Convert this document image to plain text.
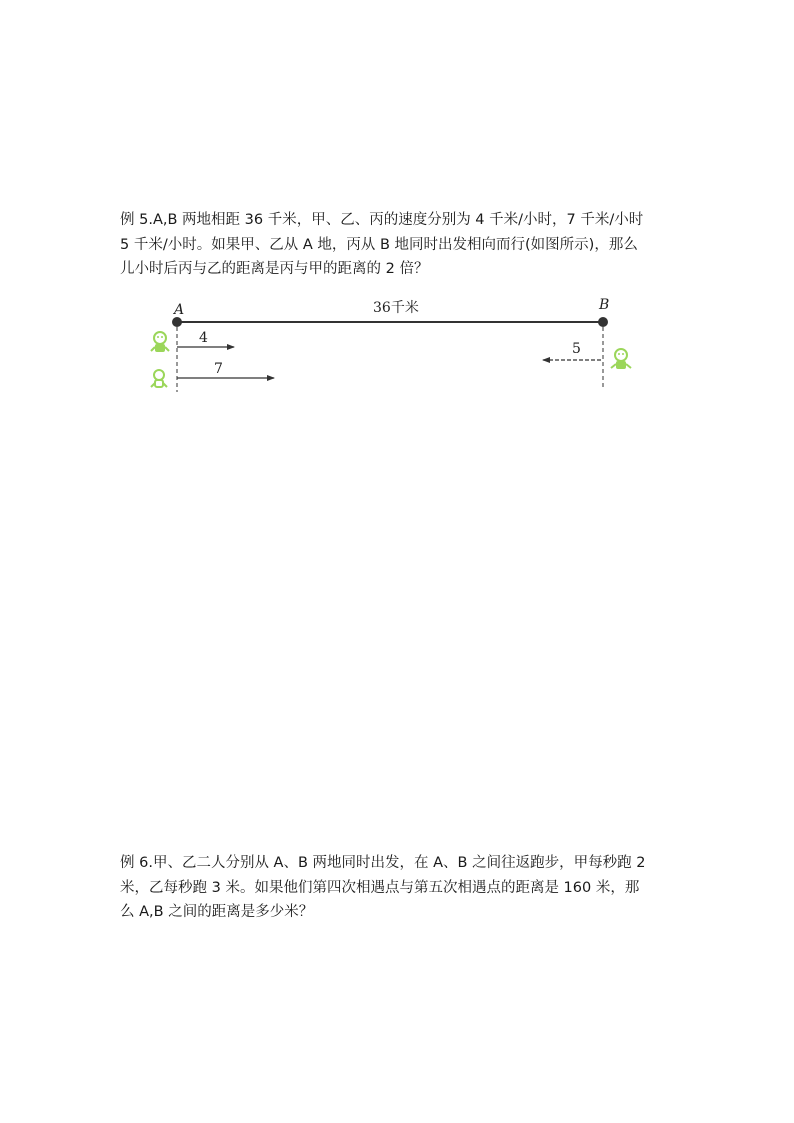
例 5.A,B 两地相距 36 千米，甲、乙、丙的速度分别为 4 千米/小时，7 千米/小时
5 千米/小时。如果甲、乙从 A 地，丙从 B 地同时出发相向而行(如图所示)，那么
儿小时后丙与乙的距离是丙与甲的距离的 2 倍？

A	B
36千米
4
7
5

例 6.甲、乙二人分别从 A、B 两地同时出发，在 A、B 之间往返跑步，甲每秒跑 2
米，乙每秒跑 3 米。如果他们第四次相遇点与第五次相遇点的距离是 160 米，那
么 A,B 之间的距离是多少米？
